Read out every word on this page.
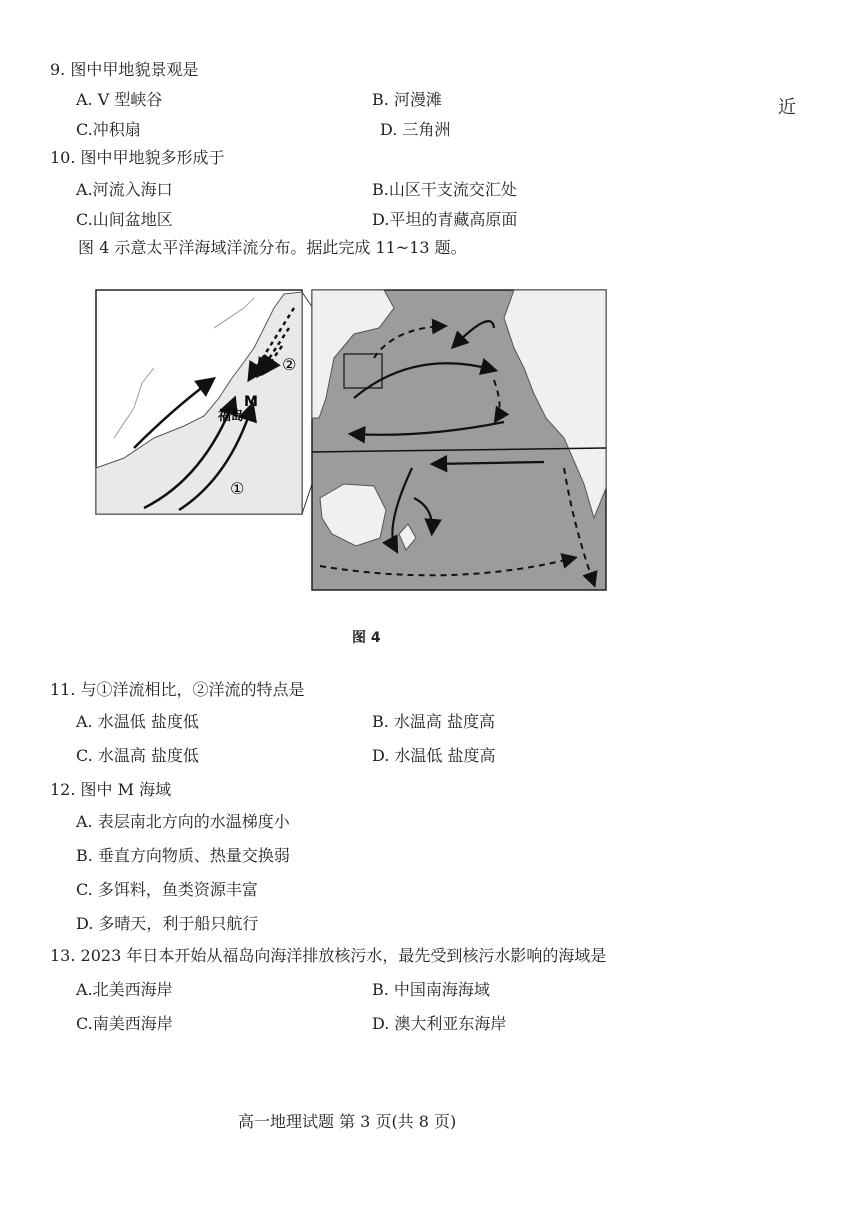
9. 图中甲地貌景观是
A. V 型峡谷	B. 河漫滩
C.冲积扇	D. 三角洲
近
10. 图中甲地貌多形成于
A.河流入海口	B.山区干支流交汇处
C.山间盆地区	D.平坦的青藏高原面
图 4 示意太平洋海域洋流分布。据此完成 11~13 题。
福岛
M
①
②
图 4
11. 与①洋流相比，②洋流的特点是
A. 水温低 盐度低	B. 水温高 盐度高
C. 水温高 盐度低	D. 水温低 盐度高
12. 图中 M 海域
A. 表层南北方向的水温梯度小
B. 垂直方向物质、热量交换弱
C. 多饵料，鱼类资源丰富
D. 多晴天，利于船只航行
13. 2023 年日本开始从福岛向海洋排放核污水，最先受到核污水影响的海域是
A.北美西海岸	B. 中国南海海域
C.南美西海岸	D. 澳大利亚东海岸
高一地理试题 第 3 页(共 8 页)
